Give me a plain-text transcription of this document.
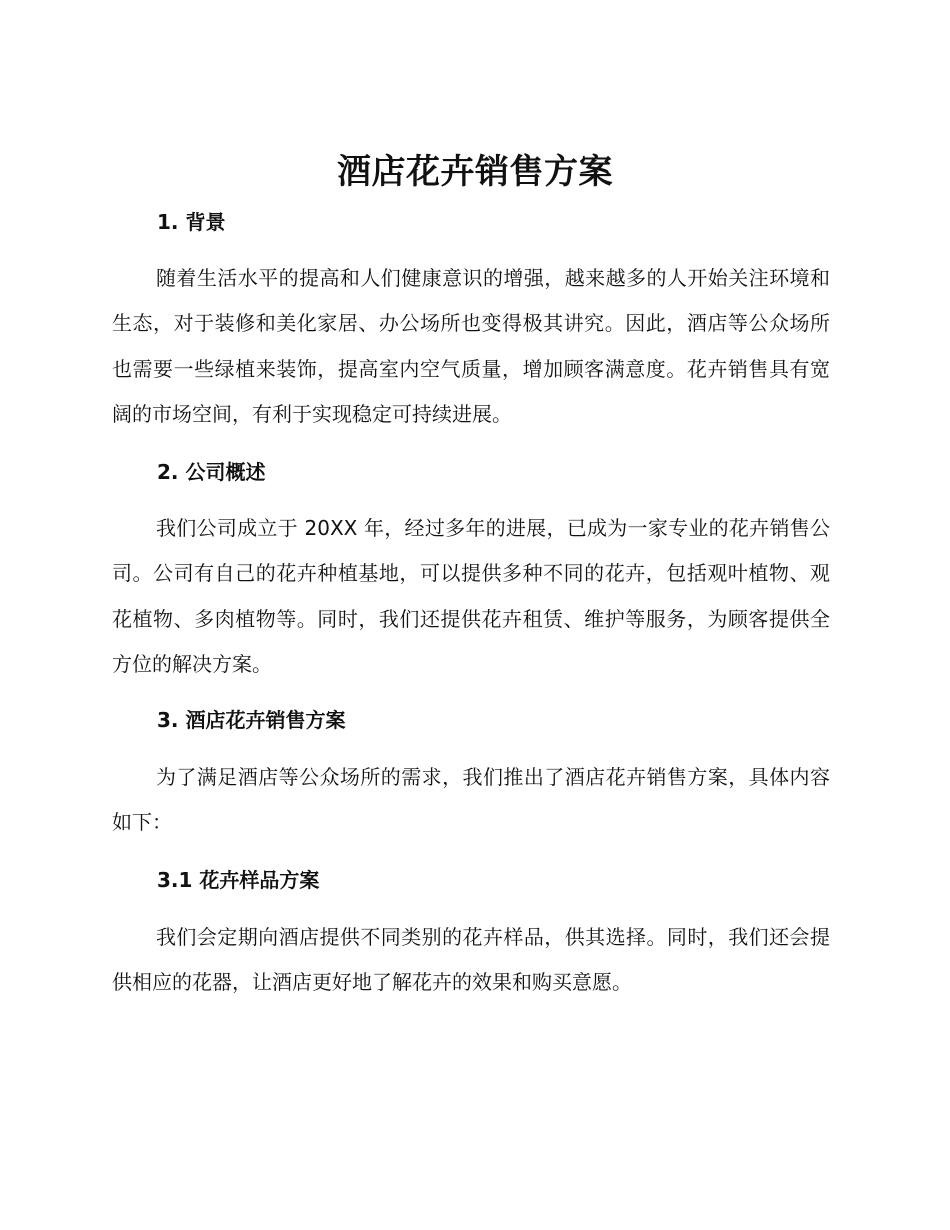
酒店花卉销售方案
1. 背景

随着生活水平的提高和人们健康意识的增强，越来越多的人开始关注环境和生态，对于装修和美化家居、办公场所也变得极其讲究。因此，酒店等公众场所也需要一些绿植来装饰，提高室内空气质量，增加顾客满意度。花卉销售具有宽阔的市场空间，有利于实现稳定可持续进展。

2. 公司概述

我们公司成立于 20XX 年，经过多年的进展，已成为一家专业的花卉销售公司。公司有自己的花卉种植基地，可以提供多种不同的花卉，包括观叶植物、观花植物、多肉植物等。同时，我们还提供花卉租赁、维护等服务，为顾客提供全方位的解决方案。

3. 酒店花卉销售方案

为了满足酒店等公众场所的需求，我们推出了酒店花卉销售方案，具体内容如下：

3.1 花卉样品方案

我们会定期向酒店提供不同类别的花卉样品，供其选择。同时，我们还会提供相应的花器，让酒店更好地了解花卉的效果和购买意愿。
